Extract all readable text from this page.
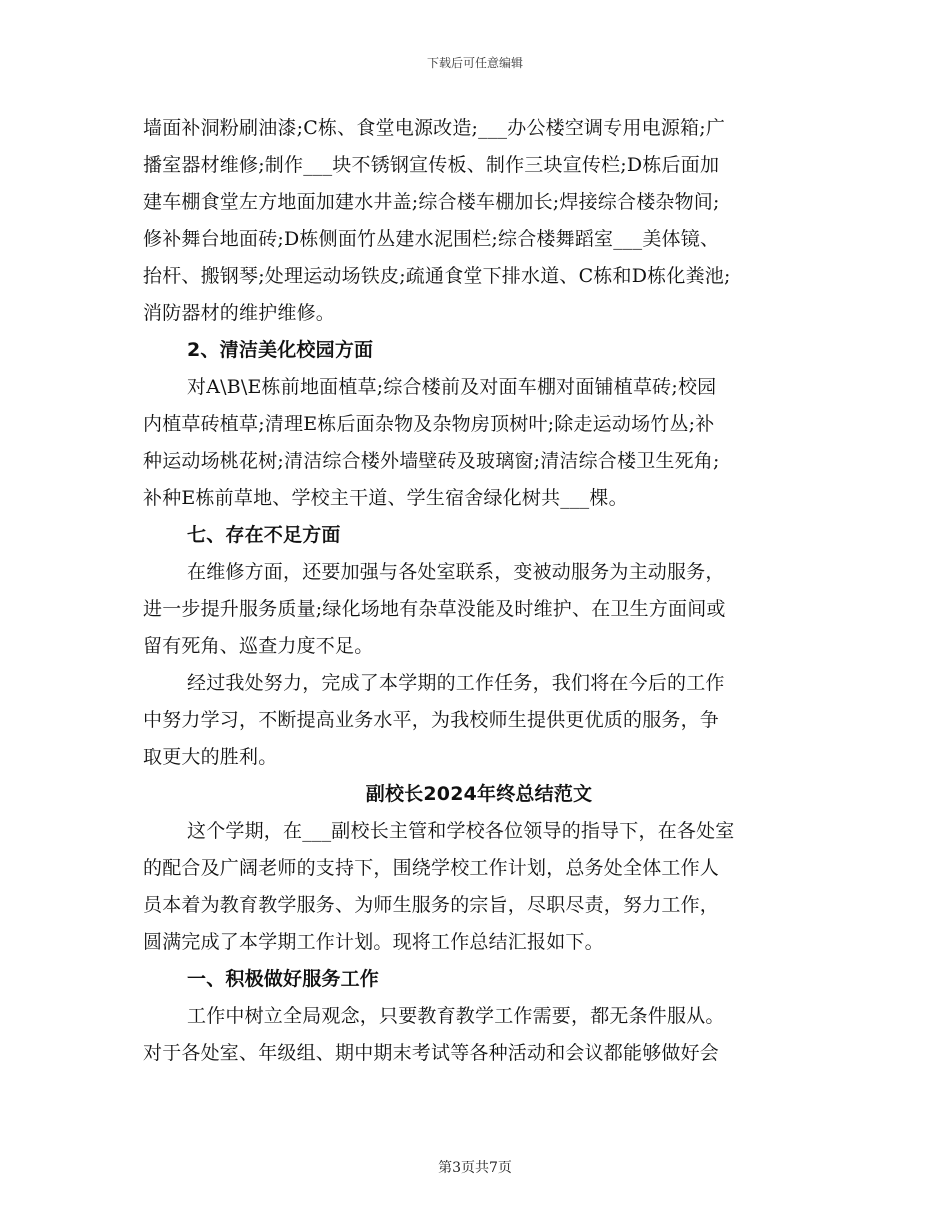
下载后可任意编辑
墙面补洞粉刷油漆;C栋、食堂电源改造;___办公楼空调专用电源箱;广
播室器材维修;制作___块不锈钢宣传板、制作三块宣传栏;D栋后面加
建车棚食堂左方地面加建水井盖;综合楼车棚加长;焊接综合楼杂物间;
修补舞台地面砖;D栋侧面竹丛建水泥围栏;综合楼舞蹈室___美体镜、
抬杆、搬钢琴;处理运动场铁皮;疏通食堂下排水道、C栋和D栋化粪池;
消防器材的维护维修。
2、清洁美化校园方面
对A\B\E栋前地面植草;综合楼前及对面车棚对面铺植草砖;校园
内植草砖植草;清理E栋后面杂物及杂物房顶树叶;除走运动场竹丛;补
种运动场桃花树;清洁综合楼外墙壁砖及玻璃窗;清洁综合楼卫生死角;
补种E栋前草地、学校主干道、学生宿舍绿化树共___棵。
七、存在不足方面
在维修方面，还要加强与各处室联系，变被动服务为主动服务，
进一步提升服务质量;绿化场地有杂草没能及时维护、在卫生方面间或
留有死角、巡查力度不足。
经过我处努力，完成了本学期的工作任务，我们将在今后的工作
中努力学习，不断提高业务水平，为我校师生提供更优质的服务，争
取更大的胜利。
副校长2024年终总结范文
这个学期，在___副校长主管和学校各位领导的指导下，在各处室
的配合及广阔老师的支持下，围绕学校工作计划，总务处全体工作人
员本着为教育教学服务、为师生服务的宗旨，尽职尽责，努力工作，
圆满完成了本学期工作计划。现将工作总结汇报如下。
一、积极做好服务工作
工作中树立全局观念，只要教育教学工作需要，都无条件服从。
对于各处室、年级组、期中期末考试等各种活动和会议都能够做好会
第3页共7页
